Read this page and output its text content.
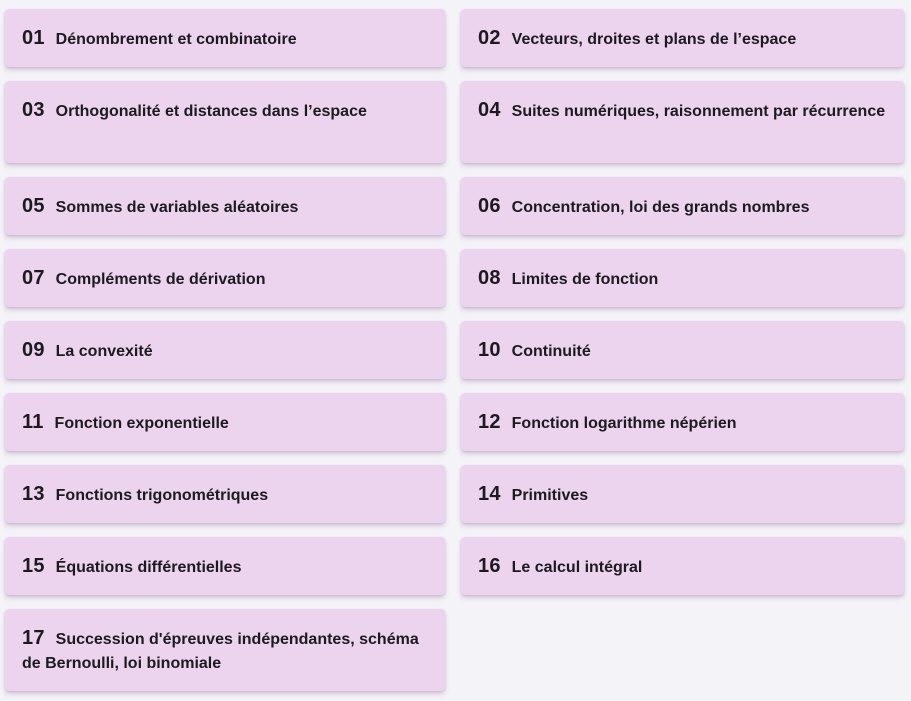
01 Dénombrement et combinatoire	02 Vecteurs, droites et plans de l’espace
03 Orthogonalité et distances dans l’espace	04 Suites numériques, raisonnement par récurrence
05 Sommes de variables aléatoires	06 Concentration, loi des grands nombres
07 Compléments de dérivation	08 Limites de fonction
09 La convexité	10 Continuité
11 Fonction exponentielle	12 Fonction logarithme népérien
13 Fonctions trigonométriques	14 Primitives
15 Équations différentielles	16 Le calcul intégral
17 Succession d'épreuves indépendantes, schéma de Bernoulli, loi binomiale
